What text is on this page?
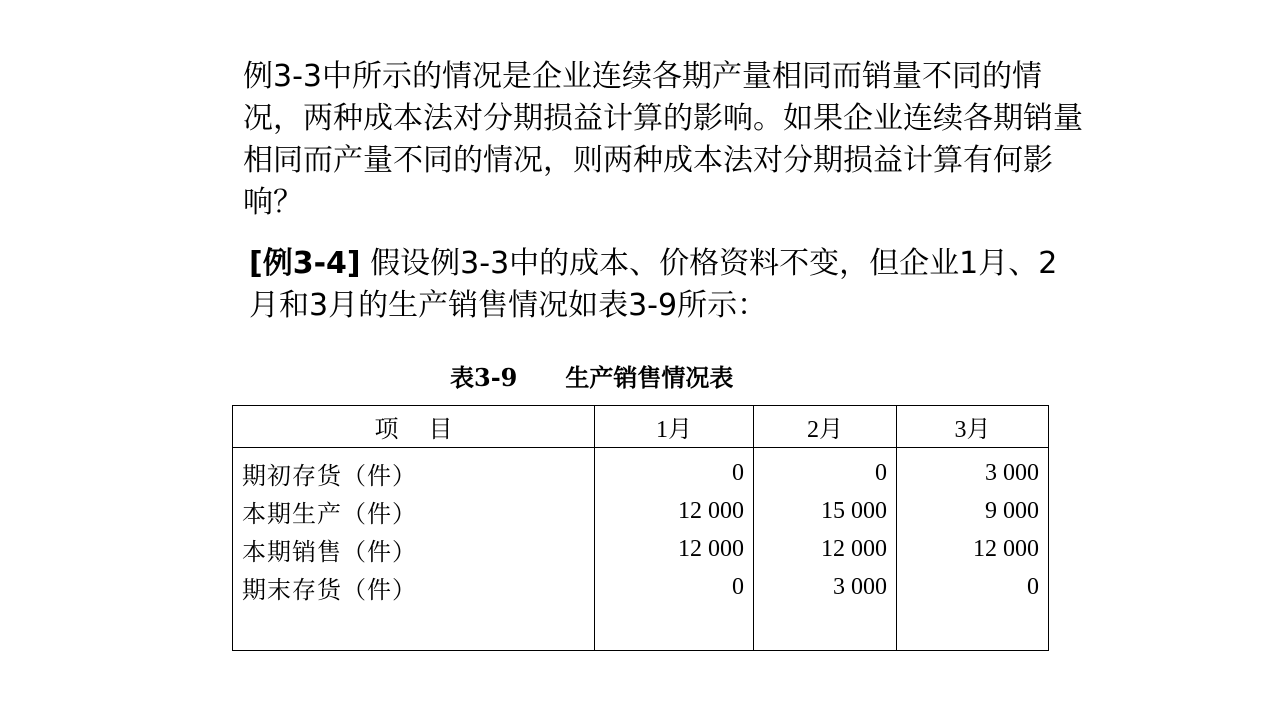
例3-3中所示的情况是企业连续各期产量相同而销量不同的情况，两种成本法对分期损益计算的影响。如果企业连续各期销量相同而产量不同的情况，则两种成本法对分期损益计算有何影响？

[例3-4] 假设例3-3中的成本、价格资料不变，但企业1月、2月和3月的生产销售情况如表3-9所示：

表3-9 生产销售情况表
项　 目	1月	2月	3月
期初存货（件）	0	0	3 000
本期生产（件）	12 000	15 000	9 000
本期销售（件）	12 000	12 000	12 000
期末存货（件）	0	3 000	0
